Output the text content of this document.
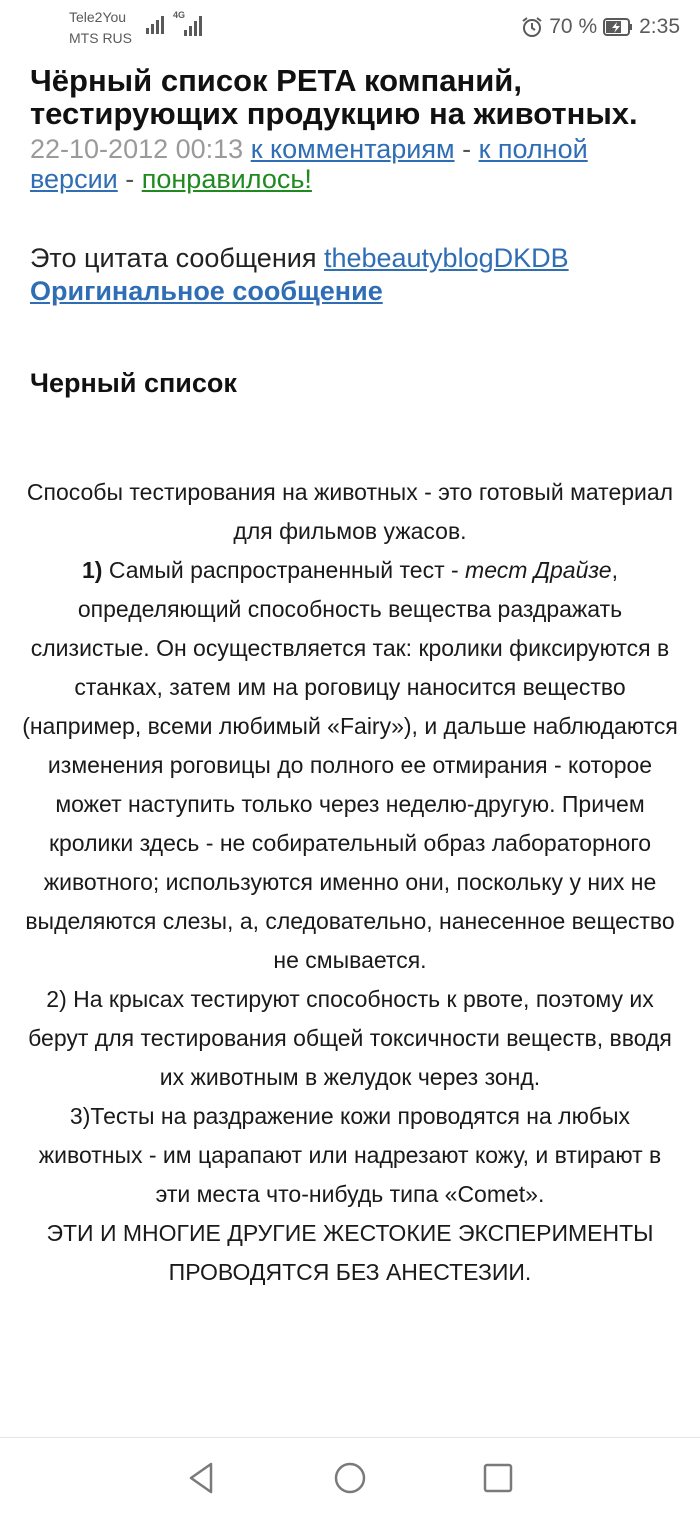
Tele2You
MTS RUS
4G	70 % 2:35
Чёрный список PETA компаний, тестирующих продукцию на животных.
22-10-2012 00:13 к комментариям - к полной версии - понравилось!
Это цитата сообщения thebeautyblogDKDB
Оригинальное сообщение
Черный список

Способы тестирования на животных - это готовый материал для фильмов ужасов.

1) Самый распространенный тест - тест Драйзе, определяющий способность вещества раздражать слизистые. Он осуществляется так: кролики фиксируются в станках, затем им на роговицу наносится вещество (например, всеми любимый «Fairy»), и дальше наблюдаются изменения роговицы до полного ее отмирания - которое может наступить только через неделю-другую. Причем кролики здесь - не собирательный образ лабораторного животного; используются именно они, поскольку у них не выделяются слезы, а, следовательно, нанесенное вещество не смывается.

2) На крысах тестируют способность к рвоте, поэтому их берут для тестирования общей токсичности веществ, вводя их животным в желудок через зонд.

3)Тесты на раздражение кожи проводятся на любых животных - им царапают или надрезают кожу, и втирают в эти места что-нибудь типа «Comet».

ЭТИ И МНОГИЕ ДРУГИЕ ЖЕСТОКИЕ ЭКСПЕРИМЕНТЫ ПРОВОДЯТСЯ БЕЗ АНЕСТЕЗИИ.
